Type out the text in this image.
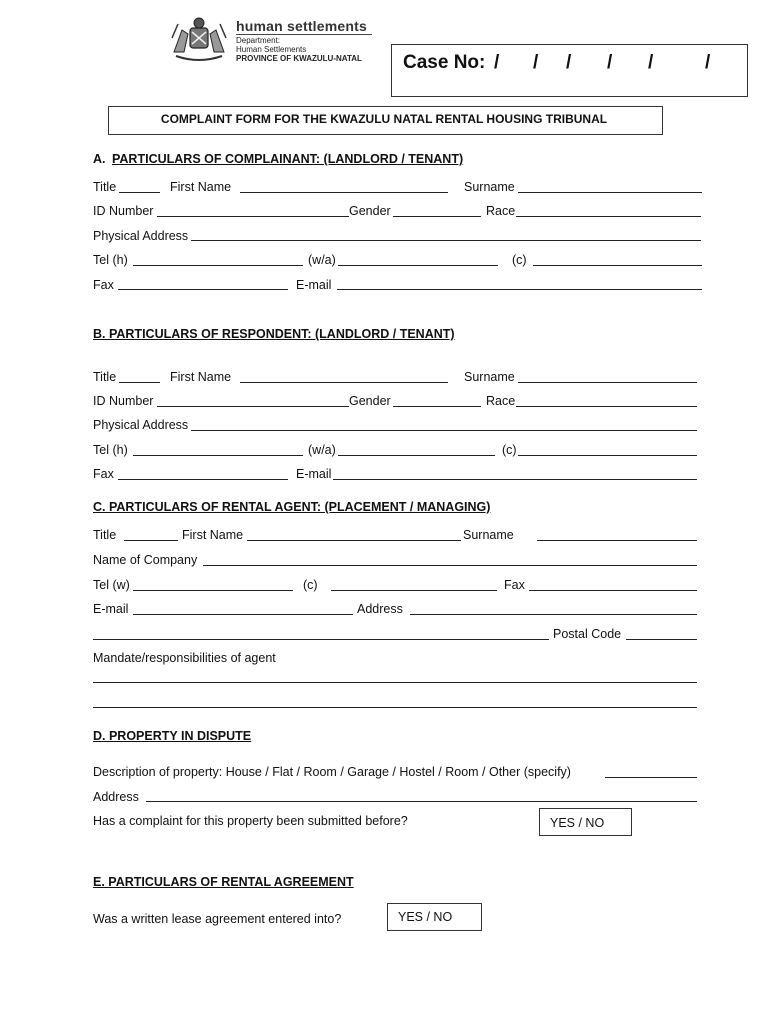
human settlements
Department:
Human Settlements
PROVINCE OF KWAZULU-NATAL Case No: / / / / /	/
COMPLAINT FORM FOR THE KWAZULU NATAL RENTAL HOUSING TRIBUNAL
A. PARTICULARS OF COMPLAINANT: (LANDLORD / TENANT)
Title	First Name	Surname
ID Number	Gender	Race
Physical Address
Tel (h)	(w/a)	(c)
Fax	E-mail
B. PARTICULARS OF RESPONDENT: (LANDLORD / TENANT)
Title	First Name	Surname
ID Number	Gender	Race
Physical Address
Tel (h)	(w/a)	(c)
Fax	E-mail
C. PARTICULARS OF RENTAL AGENT: (PLACEMENT / MANAGING)
Title	First Name	Surname
Name of Company
Tel (w)	(c)	Fax
E-mail	Address
Postal Code
Mandate/responsibilities of agent
D. PROPERTY IN DISPUTE
Description of property: House / Flat / Room / Garage / Hostel / Room / Other (specify)
Address
Has a complaint for this property been submitted before?	YES / NO
E. PARTICULARS OF RENTAL AGREEMENT
Was a written lease agreement entered into?	YES / NO
